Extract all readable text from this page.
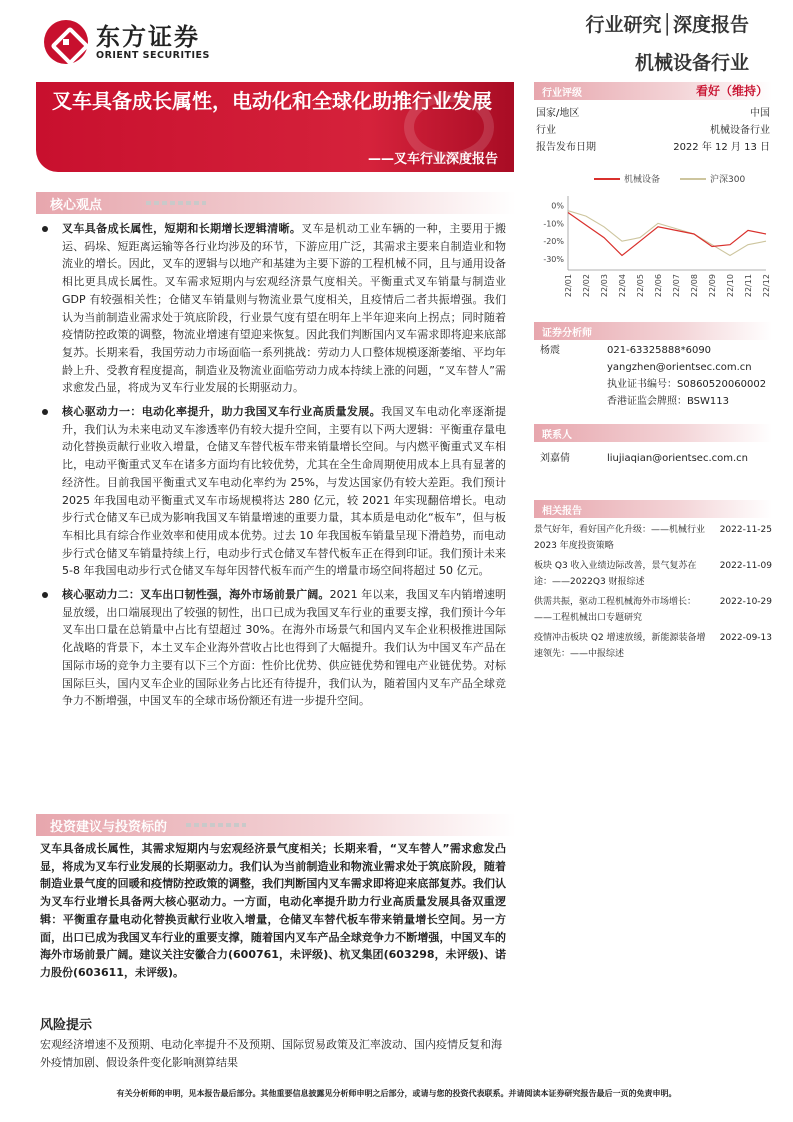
东方证券
ORIENT SECURITIES
行业研究│深度报告
机械设备行业
叉车具备成长属性，电动化和全球化助推行业发展
——叉车行业深度报告
核心观点
叉车具备成长属性，短期和长期增长逻辑清晰。叉车是机动工业车辆的一种，主要用于搬运、码垛、短距离运输等各行业均涉及的环节，下游应用广泛，其需求主要来自制造业和物流业的增长。因此，叉车的逻辑与以地产和基建为主要下游的工程机械不同，且与通用设备相比更具成长属性。叉车需求短期内与宏观经济景气度相关。平衡重式叉车销量与制造业 GDP 有较强相关性；仓储叉车销量则与物流业景气度相关，且疫情后二者共振增强。我们认为当前制造业需求处于筑底阶段，行业景气度有望在明年上半年迎来向上拐点；同时随着疫情防控政策的调整，物流业增速有望迎来恢复。因此我们判断国内叉车需求即将迎来底部复苏。长期来看，我国劳动力市场面临一系列挑战：劳动力人口整体规模逐渐萎缩、平均年龄上升、受教育程度提高，制造业及物流业面临劳动力成本持续上涨的问题，“叉车替人”需求愈发凸显，将成为叉车行业发展的长期驱动力。
核心驱动力一：电动化率提升，助力我国叉车行业高质量发展。我国叉车电动化率逐渐提升，我们认为未来电动叉车渗透率仍有较大提升空间，主要有以下两大逻辑：平衡重存量电动化替换贡献行业收入增量，仓储叉车替代板车带来销量增长空间。与内燃平衡重式叉车相比，电动平衡重式叉车在诸多方面均有比较优势，尤其在全生命周期使用成本上具有显著的经济性。目前我国平衡重式叉车电动化率约为 25%，与发达国家仍有较大差距。我们预计 2025 年我国电动平衡重式叉车市场规模将达 280 亿元，较 2021 年实现翻倍增长。电动步行式仓储叉车已成为影响我国叉车销量增速的重要力量，其本质是电动化“板车”，但与板车相比具有综合作业效率和使用成本优势。过去 10 年我国板车销量呈现下滑趋势，而电动步行式仓储叉车销量持续上行，电动步行式仓储叉车替代板车正在得到印证。我们预计未来 5-8 年我国电动步行式仓储叉车每年因替代板车而产生的增量市场空间将超过 50 亿元。
核心驱动力二：叉车出口韧性强，海外市场前景广阔。2021 年以来，我国叉车内销增速明显放缓，出口端展现出了较强的韧性，出口已成为我国叉车行业的重要支撑，我们预计今年叉车出口量在总销量中占比有望超过 30%。在海外市场景气和国内叉车企业积极推进国际化战略的背景下，本土叉车企业海外营收占比也得到了大幅提升。我们认为中国叉车产品在国际市场的竞争力主要有以下三个方面：性价比优势、供应链优势和锂电产业链优势。对标国际巨头，国内叉车企业的国际业务占比还有待提升，我们认为，随着国内叉车产品全球竞争力不断增强，中国叉车的全球市场份额还有进一步提升空间。
投资建议与投资标的
叉车具备成长属性，其需求短期内与宏观经济景气度相关；长期来看，“叉车替人”需求愈发凸显，将成为叉车行业发展的长期驱动力。我们认为当前制造业和物流业需求处于筑底阶段，随着制造业景气度的回暖和疫情防控政策的调整，我们判断国内叉车需求即将迎来底部复苏。我们认为叉车行业增长具备两大核心驱动力。一方面，电动化率提升助力行业高质量发展具备双重逻辑：平衡重存量电动化替换贡献行业收入增量，仓储叉车替代板车带来销量增长空间。另一方面，出口已成为我国叉车行业的重要支撑，随着国内叉车产品全球竞争力不断增强，中国叉车的海外市场前景广阔。建议关注安徽合力(600761，未评级)、杭叉集团(603298，未评级)、诺力股份(603611，未评级)。
风险提示
宏观经济增速不及预期、电动化率提升不及预期、国际贸易政策及汇率波动、国内疫情反复和海外疫情加剧、假设条件变化影响测算结果
行业评级	看好（维持）
国家/地区	中国
行业	机械设备行业
报告发布日期	2022 年 12 月 13 日
机械设备	沪深300
0%
-10%
-20%
-30%
22/01 22/02 22/03 22/04 22/05 22/06 22/07 22/08 22/09 22/10 22/11 22/12
证券分析师
杨震	021-63325888*6090
yangzhen@orientsec.com.cn
执业证书编号：S0860520060002
香港证监会牌照：BSW113
联系人
刘嘉倩	liujiaqian@orientsec.com.cn
相关报告
景气好年，看好国产化升级：——机械行业 2023 年度投资策略
2022-11-25
板块 Q3 收入业绩边际改善，景气复苏在途：——2022Q3 财报综述
2022-11-09
供需共振，驱动工程机械海外市场增长：——工程机械出口专题研究
2022-10-29
疫情冲击板块 Q2 增速放缓，新能源装备增速领先：——中报综述
2022-09-13
有关分析师的申明，见本报告最后部分。其他重要信息披露见分析师申明之后部分，或请与您的投资代表联系。并请阅读本证券研究报告最后一页的免责申明。
